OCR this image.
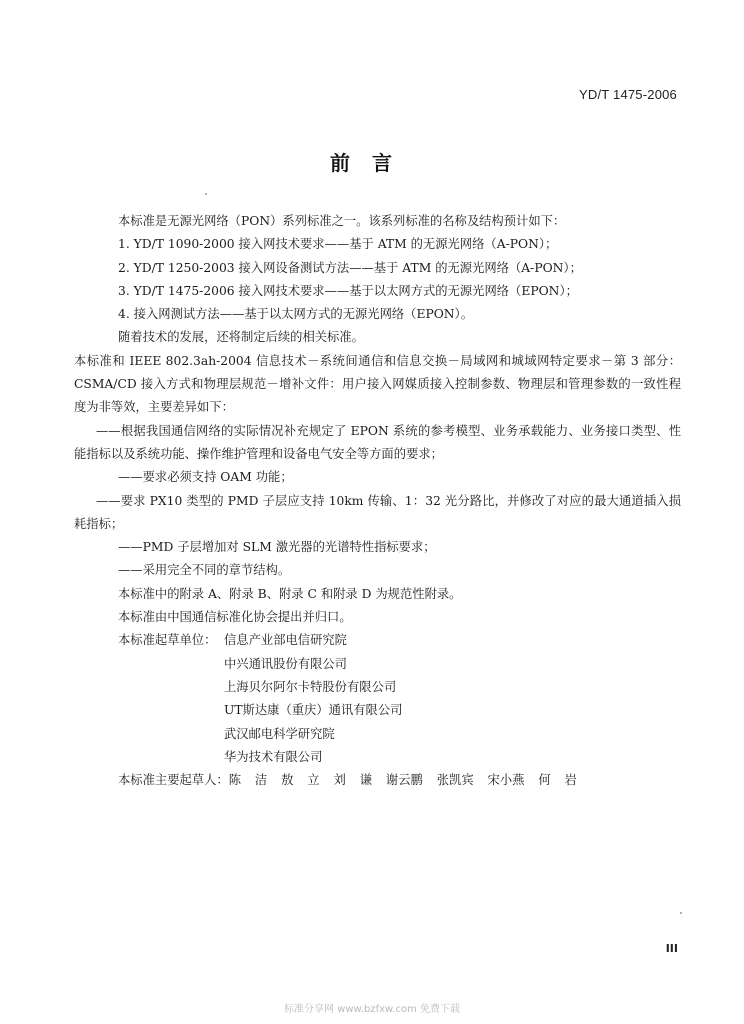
YD/T 1475-2006
前言
本标准是无源光网络（PON）系列标准之一。该系列标准的名称及结构预计如下：
1. YD/T 1090-2000 接入网技术要求——基于 ATM 的无源光网络（A-PON）；
2. YD/T 1250-2003 接入网设备测试方法——基于 ATM 的无源光网络（A-PON）；
3. YD/T 1475-2006 接入网技术要求——基于以太网方式的无源光网络（EPON）；
4. 接入网测试方法——基于以太网方式的无源光网络（EPON）。
随着技术的发展，还将制定后续的相关标准。
本标准和 IEEE 802.3ah-2004 信息技术－系统间通信和信息交换－局域网和城域网特定要求－第 3 部分：CSMA/CD 接入方式和物理层规范－增补文件：用户接入网媒质接入控制参数、物理层和管理参数的一致性程度为非等效，主要差异如下：
——根据我国通信网络的实际情况补充规定了 EPON 系统的参考模型、业务承载能力、业务接口类型、性能指标以及系统功能、操作维护管理和设备电气安全等方面的要求；
——要求必须支持 OAM 功能；
——要求 PX10 类型的 PMD 子层应支持 10km 传输、1：32 光分路比，并修改了对应的最大通道插入损耗指标；
——PMD 子层增加对 SLM 激光器的光谱特性指标要求；
——采用完全不同的章节结构。
本标准中的附录 A、附录 B、附录 C 和附录 D 为规范性附录。
本标准由中国通信标准化协会提出并归口。
本标准起草单位： 信息产业部电信研究院
中兴通讯股份有限公司
上海贝尔阿尔卡特股份有限公司
UT斯达康（重庆）通讯有限公司
武汉邮电科学研究院
华为技术有限公司
本标准主要起草人：陈 洁 敖 立 刘 谦 谢云鹏 张凯宾 宋小燕 何 岩
III
标准分享网 www.bzfxw.com 免费下载
